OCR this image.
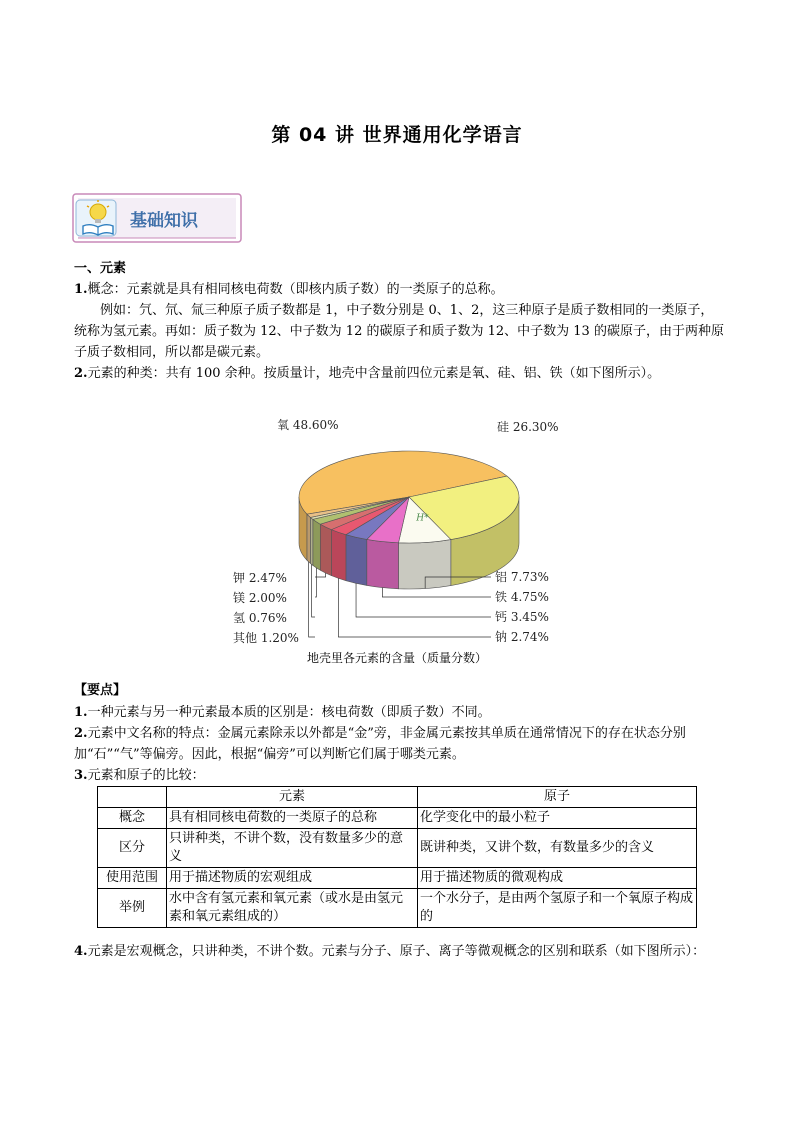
第 04 讲 世界通用化学语言
基础知识
一、元素
1.概念：元素就是具有相同核电荷数（即核内质子数）的一类原子的总称。
例如：氕、氘、氚三种原子质子数都是 1，中子数分别是 0、1、2，这三种原子是质子数相同的一类原子，统称为氢元素。再如：质子数为 12、中子数为 12 的碳原子和质子数为 12、中子数为 13 的碳原子，由于两种原子质子数相同，所以都是碳元素。
2.元素的种类：共有 100 余种。按质量计，地壳中含量前四位元素是氧、硅、铝、铁（如下图所示）。
H*
氧 48.60%	硅 26.30%
铝 7.73%
铁 4.75%
钙 3.45%
钠 2.74%
钾 2.47%
镁 2.00%
氢 0.76%
其他 1.20%
地壳里各元素的含量（质量分数）
【要点】
1.一种元素与另一种元素最本质的区别是：核电荷数（即质子数）不同。
2.元素中文名称的特点：金属元素除汞以外都是“金”旁，非金属元素按其单质在通常情况下的存在状态分别加“石”“气”等偏旁。因此，根据“偏旁”可以判断它们属于哪类元素。
3.元素和原子的比较：
	元素	原子
概念	具有相同核电荷数的一类原子的总称	化学变化中的最小粒子
区分	只讲种类，不讲个数，没有数量多少的意义	既讲种类，又讲个数，有数量多少的含义
使用范围	用于描述物质的宏观组成	用于描述物质的微观构成
举例	水中含有氢元素和氧元素（或水是由氢元素和氧元素组成的）	一个水分子，是由两个氢原子和一个氧原子构成的
4.元素是宏观概念，只讲种类，不讲个数。元素与分子、原子、离子等微观概念的区别和联系（如下图所示）：
